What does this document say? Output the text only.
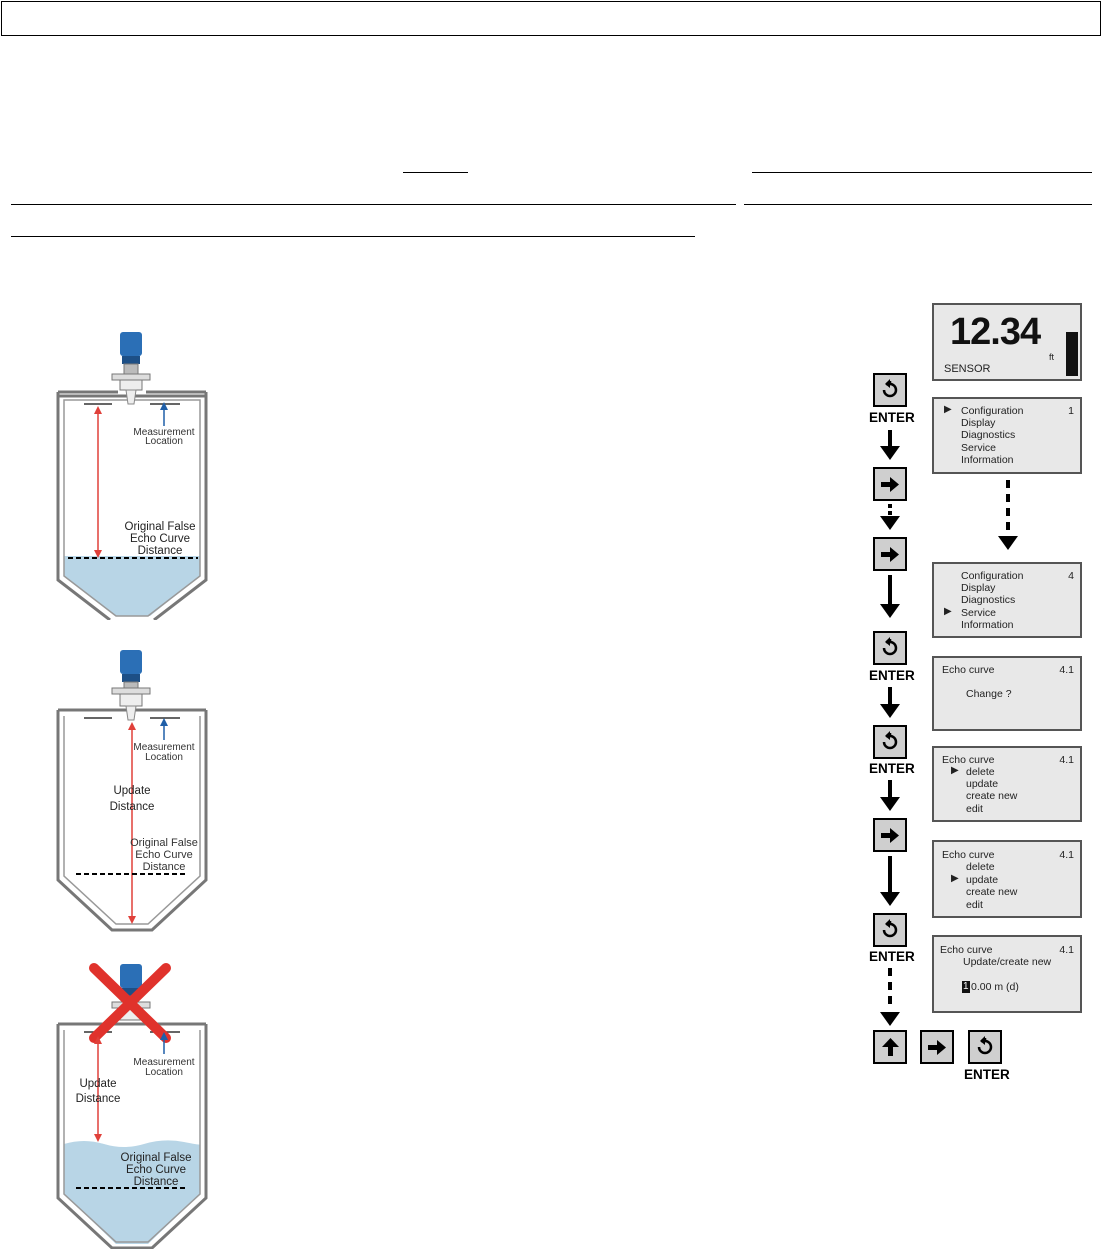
Measurement
Location
Original False
Echo Curve
Distance
Measurement
Location
Update
Distance
Original False
Echo Curve
Distance
Measurement
Location
Update
Distance
Original False
Echo Curve
Distance
12.34
ft
SENSOR
ENTER
▶ Configuration
Display
Diagnostics
Service
Information
1
Configuration
Display
Diagnostics
▶ Service
Information
4
ENTER	Echo curve	4.1
Change ?
ENTER
Echo curve	4.1
▶ delete
update
create new
edit
Echo curve	4.1
delete
▶ update
create new
edit
ENTER Echo curve	4.1
Update/create new
1 0.00 m (d)
ENTER
